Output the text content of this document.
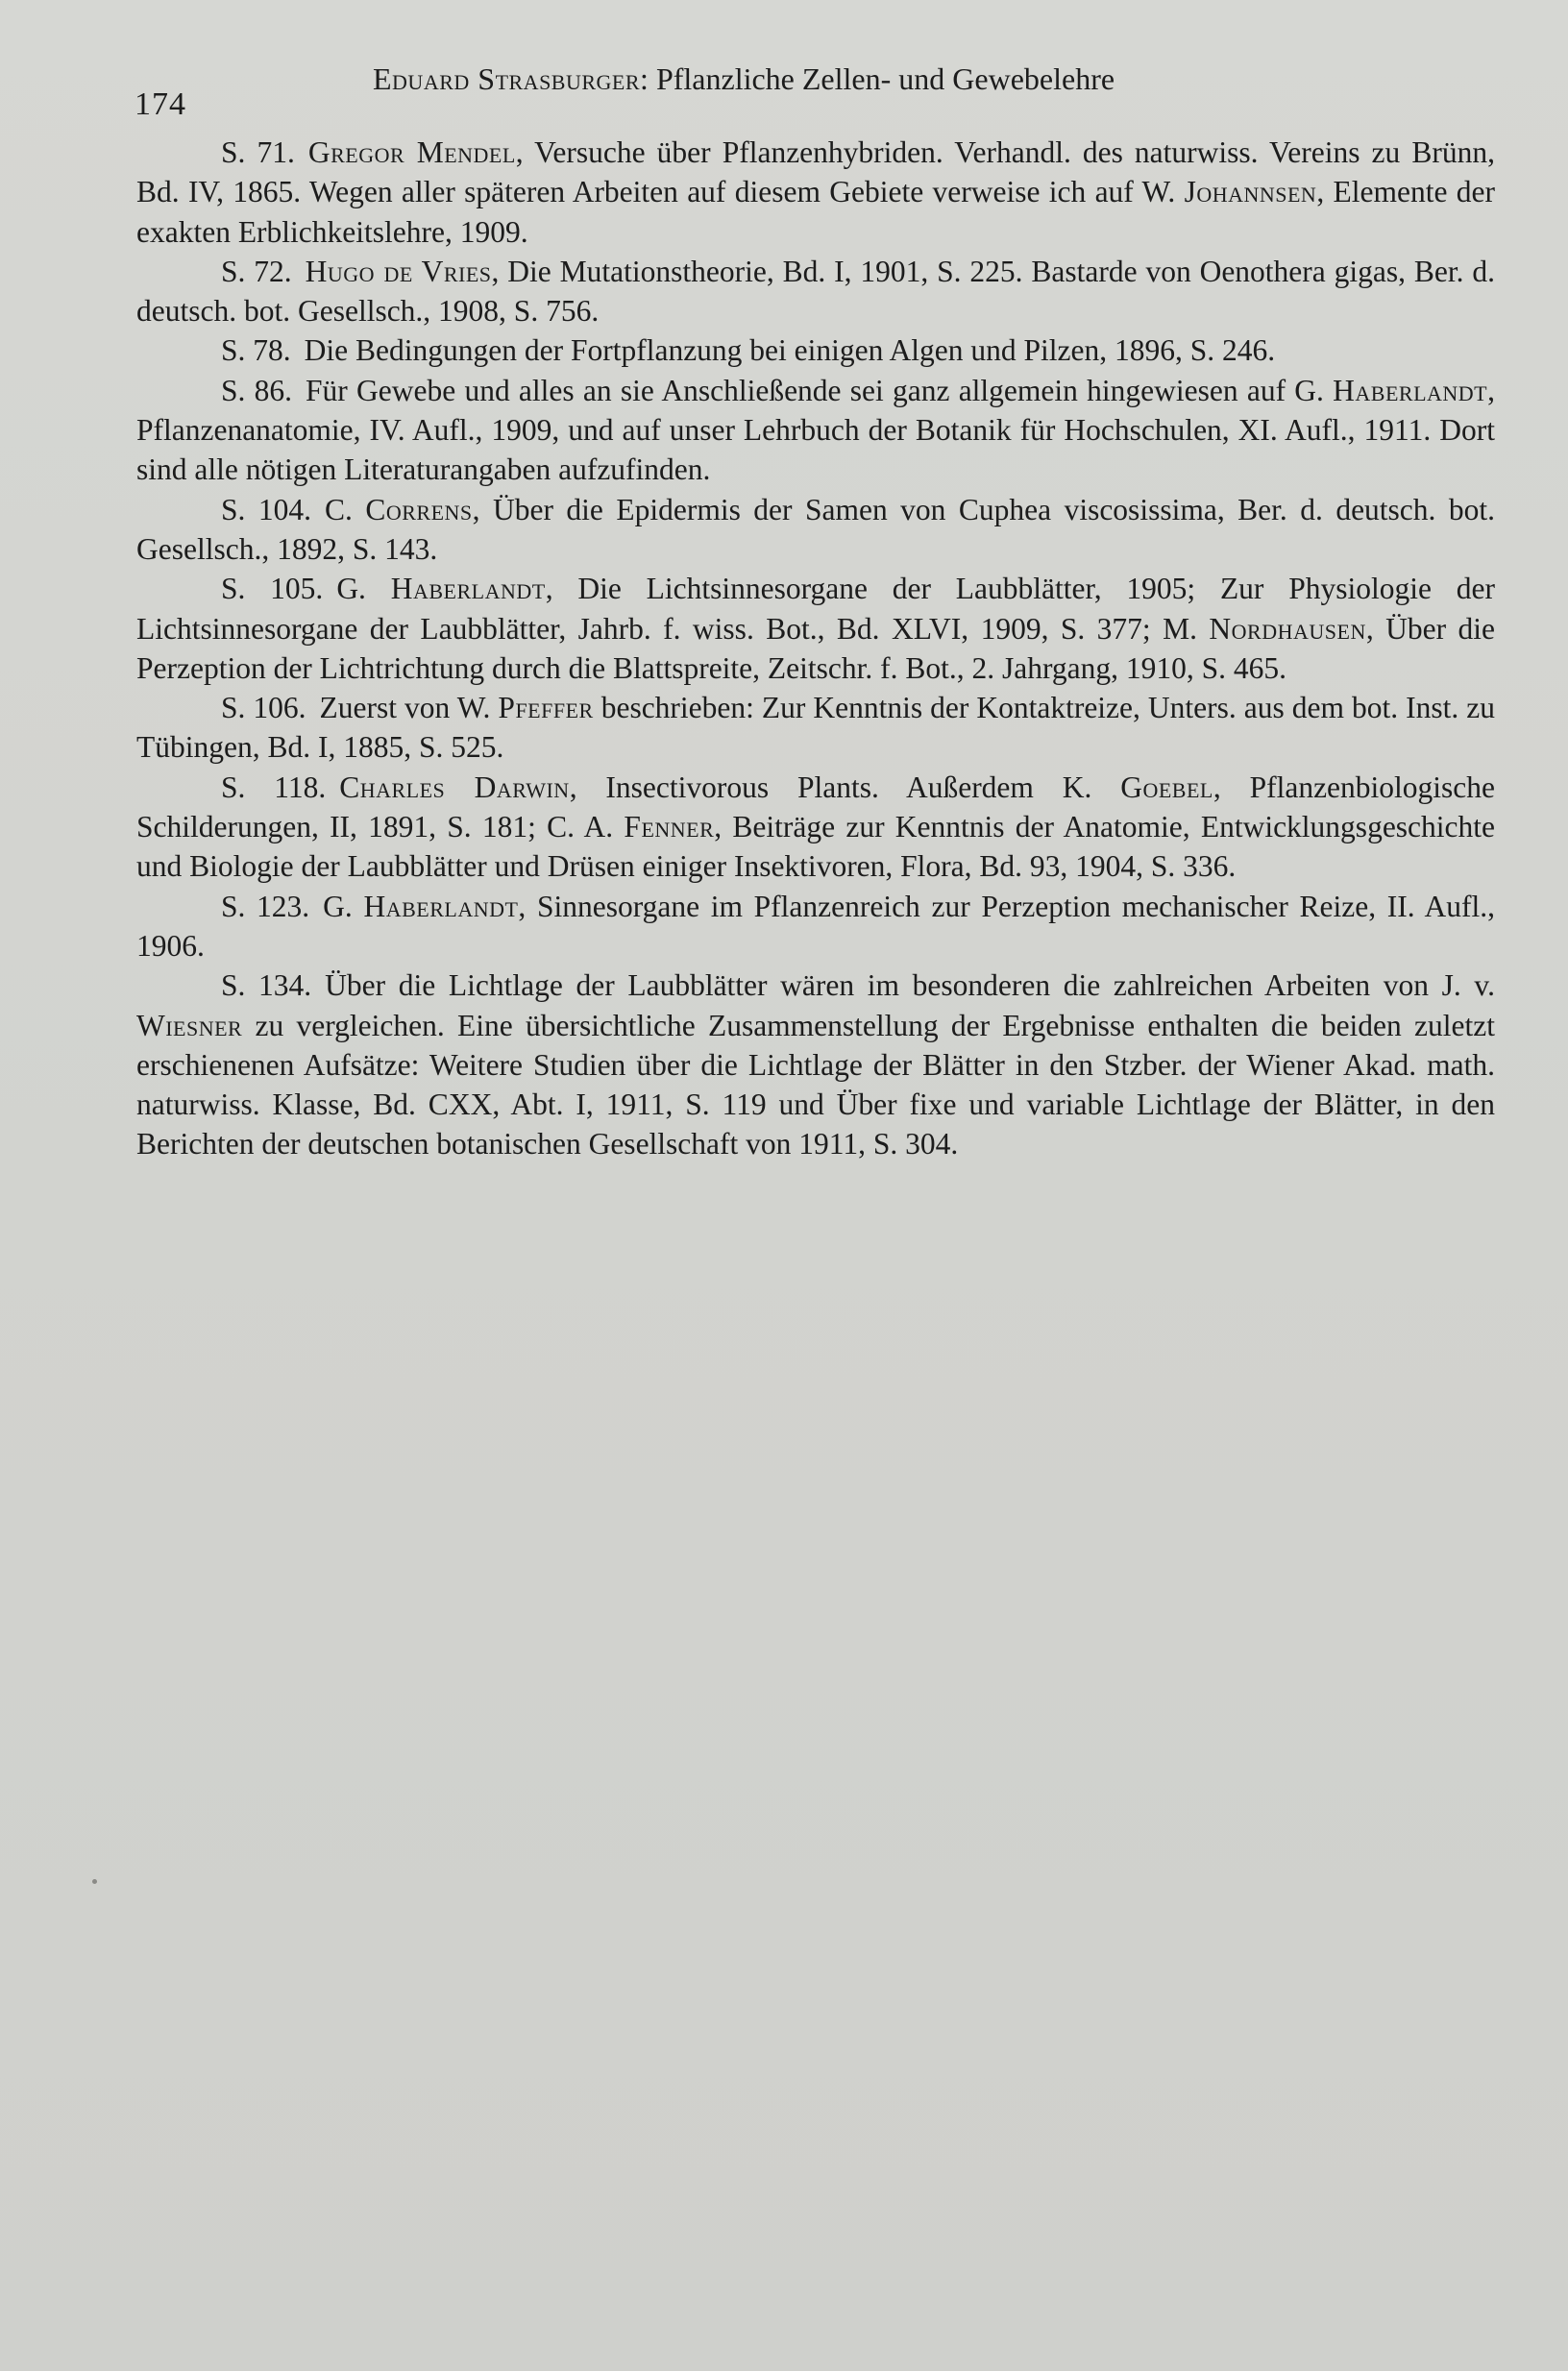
174
Eduard Strasburger: Pflanzliche Zellen- und Gewebelehre

S. 71. Gregor Mendel, Versuche über Pflanzenhybriden. Verhandl. des naturwiss. Vereins zu Brünn, Bd. IV, 1865. Wegen aller späteren Arbeiten auf diesem Gebiete verweise ich auf W. Johannsen, Elemente der exakten Erblichkeitslehre, 1909.

S. 72. Hugo de Vries, Die Mutationstheorie, Bd. I, 1901, S. 225. Bastarde von Oenothera gigas, Ber. d. deutsch. bot. Gesellsch., 1908, S. 756.

S. 78. Die Bedingungen der Fortpflanzung bei einigen Algen und Pilzen, 1896, S. 246.

S. 86. Für Gewebe und alles an sie Anschließende sei ganz allgemein hingewiesen auf G. Haberlandt, Pflanzenanatomie, IV. Aufl., 1909, und auf unser Lehrbuch der Botanik für Hochschulen, XI. Aufl., 1911. Dort sind alle nötigen Literaturangaben aufzufinden.

S. 104. C. Correns, Über die Epidermis der Samen von Cuphea viscosissima, Ber. d. deutsch. bot. Gesellsch., 1892, S. 143.

S. 105. G. Haberlandt, Die Lichtsinnesorgane der Laubblätter, 1905; Zur Physiologie der Lichtsinnesorgane der Laubblätter, Jahrb. f. wiss. Bot., Bd. XLVI, 1909, S. 377; M. Nordhausen, Über die Perzeption der Lichtrichtung durch die Blattspreite, Zeitschr. f. Bot., 2. Jahrgang, 1910, S. 465.

S. 106. Zuerst von W. Pfeffer beschrieben: Zur Kenntnis der Kontaktreize, Unters. aus dem bot. Inst. zu Tübingen, Bd. I, 1885, S. 525.

S. 118. Charles Darwin, Insectivorous Plants. Außerdem K. Goebel, Pflanzenbiologische Schilderungen, II, 1891, S. 181; C. A. Fenner, Beiträge zur Kenntnis der Anatomie, Entwicklungsgeschichte und Biologie der Laubblätter und Drüsen einiger Insektivoren, Flora, Bd. 93, 1904, S. 336.

S. 123. G. Haberlandt, Sinnesorgane im Pflanzenreich zur Perzeption mechanischer Reize, II. Aufl., 1906.

S. 134. Über die Lichtlage der Laubblätter wären im besonderen die zahlreichen Arbeiten von J. v. Wiesner zu vergleichen. Eine übersichtliche Zusammenstellung der Ergebnisse enthalten die beiden zuletzt erschienenen Aufsätze: Weitere Studien über die Lichtlage der Blätter in den Stzber. der Wiener Akad. math. naturwiss. Klasse, Bd. CXX, Abt. I, 1911, S. 119 und Über fixe und variable Lichtlage der Blätter, in den Berichten der deutschen botanischen Gesellschaft von 1911, S. 304.
